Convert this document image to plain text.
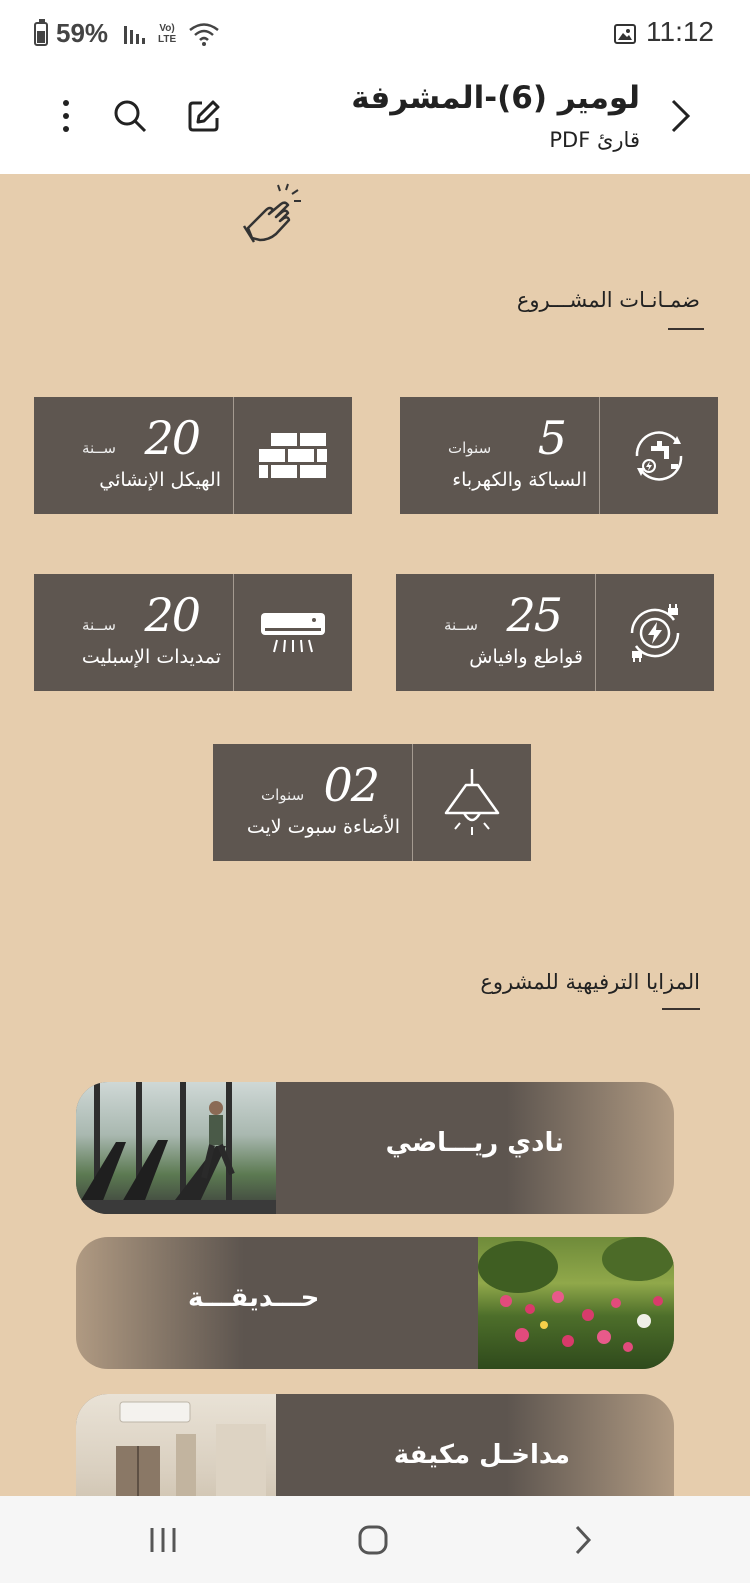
59%	Vo) LTE	11:12
لومير (6)-المشرفة
قارئ PDF
ضمـانـات المشـــروع
5
سنوات
السباكة والكهرباء
20
ســنة
الهيكل الإنشائي
25
ســنة
قواطع وافياش
20
ســنة
تمديدات الإسبليت
02
سنوات
الأضاءة سبوت لايت
المزايا الترفيهية للمشروع
نادي ريـــاضي
حـــديقـــة
مداخـل مكيفة
